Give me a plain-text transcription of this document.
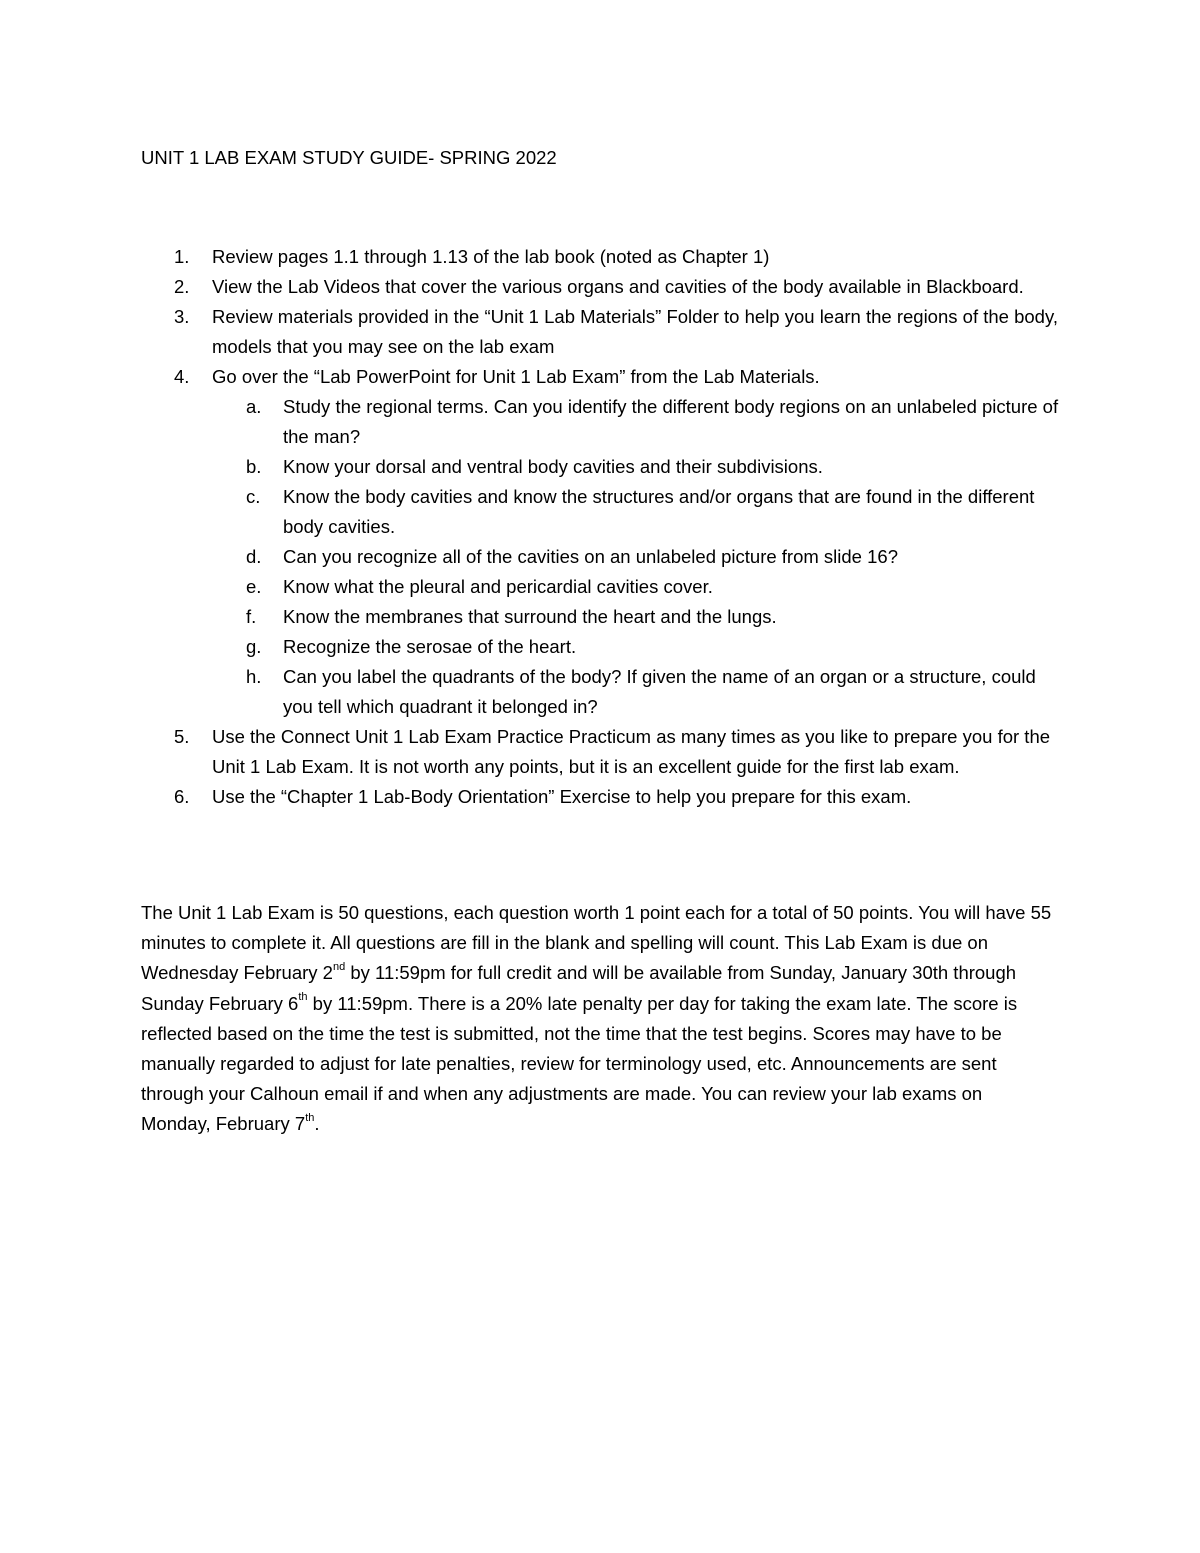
UNIT 1 LAB EXAM STUDY GUIDE- SPRING 2022
1. Review pages 1.1 through 1.13 of the lab book (noted as Chapter 1)
2. View the Lab Videos that cover the various organs and cavities of the body available in Blackboard.
3. Review materials provided in the “Unit 1 Lab Materials” Folder to help you learn the regions of the body, models that you may see on the lab exam
4. Go over the “Lab PowerPoint for Unit 1 Lab Exam” from the Lab Materials.
a. Study the regional terms. Can you identify the different body regions on an unlabeled picture of the man?
b. Know your dorsal and ventral body cavities and their subdivisions.
c. Know the body cavities and know the structures and/or organs that are found in the different body cavities.
d. Can you recognize all of the cavities on an unlabeled picture from slide 16?
e. Know what the pleural and pericardial cavities cover.
f. Know the membranes that surround the heart and the lungs.
g. Recognize the serosae of the heart.
h. Can you label the quadrants of the body? If given the name of an organ or a structure, could you tell which quadrant it belonged in?
5. Use the Connect Unit 1 Lab Exam Practice Practicum as many times as you like to prepare you for the Unit 1 Lab Exam. It is not worth any points, but it is an excellent guide for the first lab exam.
6. Use the “Chapter 1 Lab-Body Orientation” Exercise to help you prepare for this exam.
The Unit 1 Lab Exam is 50 questions, each question worth 1 point each for a total of 50 points. You will have 55 minutes to complete it. All questions are fill in the blank and spelling will count. This Lab Exam is due on Wednesday February 2nd by 11:59pm for full credit and will be available from Sunday, January 30th through Sunday February 6th by 11:59pm. There is a 20% late penalty per day for taking the exam late. The score is reflected based on the time the test is submitted, not the time that the test begins. Scores may have to be manually regarded to adjust for late penalties, review for terminology used, etc. Announcements are sent through your Calhoun email if and when any adjustments are made. You can review your lab exams on Monday, February 7th.
